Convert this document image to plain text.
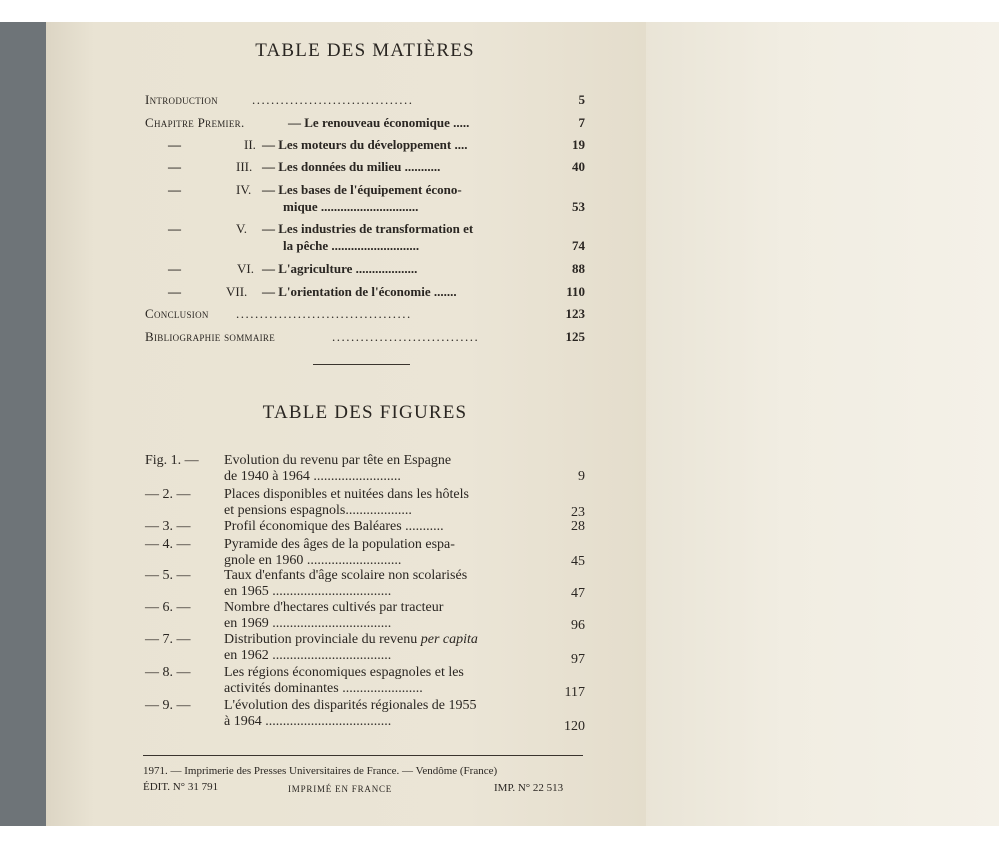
TABLE DES MATIÈRES
Introduction	..................................	5
Chapitre Premier.	— Le renouveau économique .....	7
—	II. — Les moteurs du développement ....	19
—	III. — Les données du milieu ...........	40
—	IV. — Les bases de l'équipement écono-
mique ..............................	53
—	V. — Les industries de transformation et
la pêche ...........................	74
—	VI. — L'agriculture ...................	88
—	VII. — L'orientation de l'économie .......	110
Conclusion .....................................	123
Bibliographie sommaire	...............................	125
TABLE DES FIGURES
Fig. 1. — Evolution du revenu par tête en Espagne
de 1940 à 1964 .........................	9
— 2. — Places disponibles et nuitées dans les hôtels
et pensions espagnols...................	23
— 3. — Profil économique des Baléares ...........	28
— 4. — Pyramide des âges de la population espa-
gnole en 1960 ...........................	45
— 5. — Taux d'enfants d'âge scolaire non scolarisés
en 1965 ..................................	47
— 6. — Nombre d'hectares cultivés par tracteur
en 1969 ..................................	96
— 7. — Distribution provinciale du revenu per capita
en 1962 ..................................	97
— 8. — Les régions économiques espagnoles et les
activités dominantes .......................	117
— 9. — L'évolution des disparités régionales de 1955
à 1964 ....................................	120
1971. — Imprimerie des Presses Universitaires de France. — Vendôme (France)
ÉDIT. N° 31 791	IMPRIMÉ EN FRANCE	IMP. N° 22 513
